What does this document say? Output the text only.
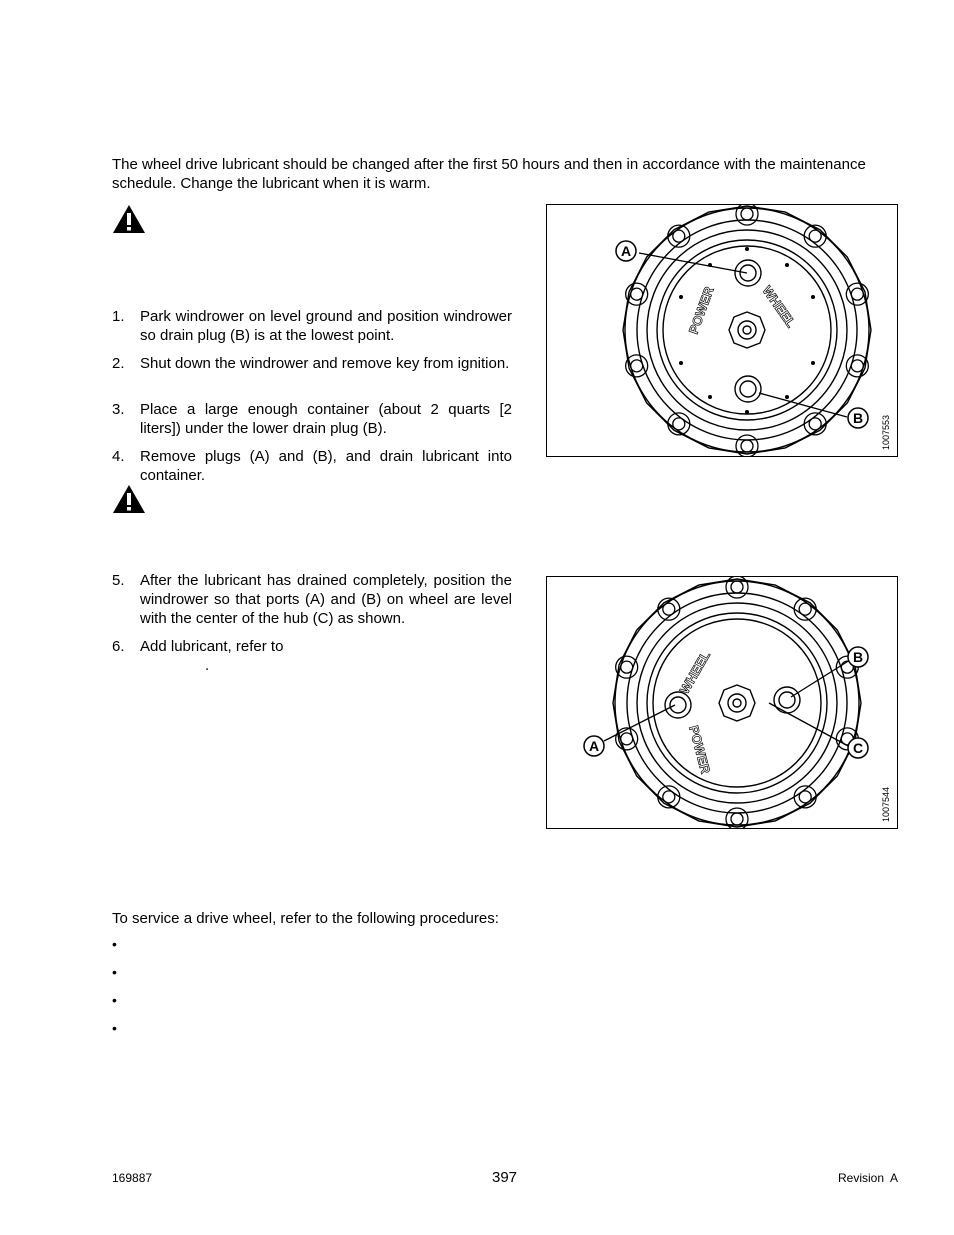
The wheel drive lubricant should be changed after the first 50 hours and then in accordance with the maintenance schedule. Change the lubricant when it is warm.
1.	Park windrower on level ground and position windrower so drain plug (B) is at the lowest point.
2.	Shut down the windrower and remove key from ignition.
3.	Place a large enough container (about 2 quarts [2 liters]) under the lower drain plug (B).
4.	Remove plugs (A) and (B), and drain lubricant into container.
5.	After the lubricant has drained completely, position the windrower so that ports (A) and (B) on wheel are level with the center of the hub (C) as shown.
6.	Add lubricant, refer to
.
POWER	WHEEL
A
B 1007553
WHEEL
POWER
A
B
C
1007544
To service a drive wheel, refer to the following procedures:
•
•
•
•
169887	397	Revision  A
